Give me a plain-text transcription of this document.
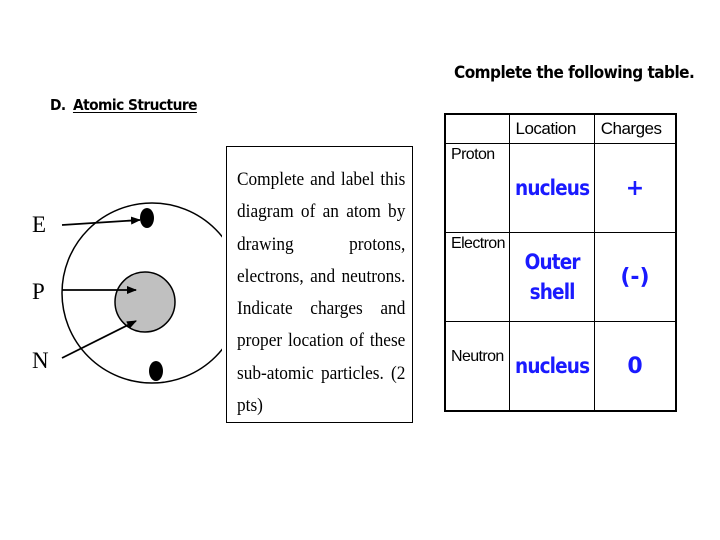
D. Atomic Structure
Complete the following table.
E
P
N
Complete and label this diagram of an atom by drawing protons, electrons, and neutrons. Indicate charges and proper location of these sub-atomic particles. (2 pts)
	Location	Charges

Proton	nucleus	+

Electron	Outer shell	(-)

Neutron	nucleus	0
